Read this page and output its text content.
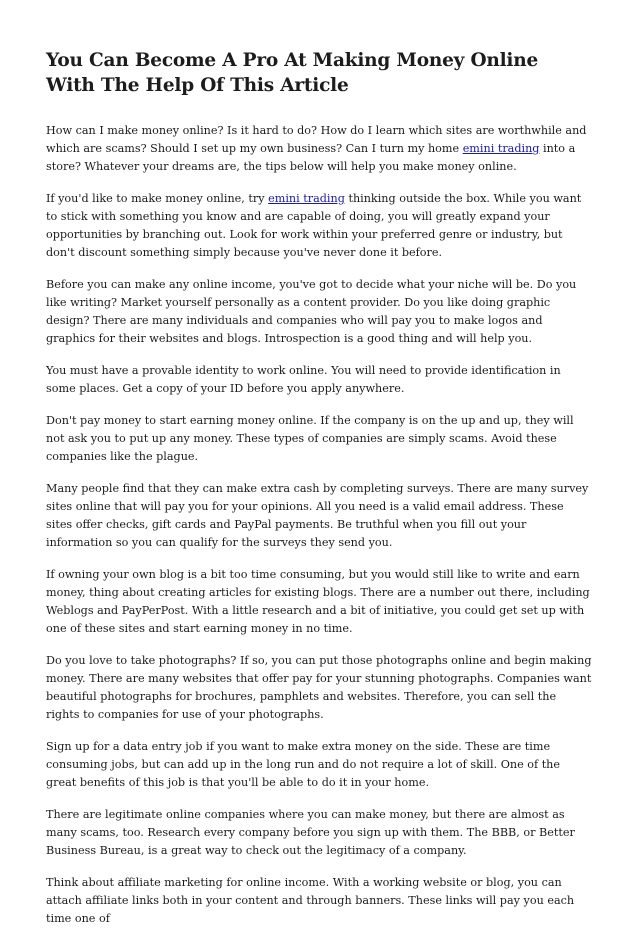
You Can Become A Pro At Making Money Online With The Help Of This Article

How can I make money online? Is it hard to do? How do I learn which sites are worthwhile and which are scams? Should I set up my own business? Can I turn my home emini trading into a store? Whatever your dreams are, the tips below will help you make money online.

If you'd like to make money online, try emini trading thinking outside the box. While you want to stick with something you know and are capable of doing, you will greatly expand your opportunities by branching out. Look for work within your preferred genre or industry, but don't discount something simply because you've never done it before.

Before you can make any online income, you've got to decide what your niche will be. Do you like writing? Market yourself personally as a content provider. Do you like doing graphic design? There are many individuals and companies who will pay you to make logos and graphics for their websites and blogs. Introspection is a good thing and will help you.

You must have a provable identity to work online. You will need to provide identification in some places. Get a copy of your ID before you apply anywhere.

Don't pay money to start earning money online. If the company is on the up and up, they will not ask you to put up any money. These types of companies are simply scams. Avoid these companies like the plague.

Many people find that they can make extra cash by completing surveys. There are many survey sites online that will pay you for your opinions. All you need is a valid email address. These sites offer checks, gift cards and PayPal payments. Be truthful when you fill out your information so you can qualify for the surveys they send you.

If owning your own blog is a bit too time consuming, but you would still like to write and earn money, thing about creating articles for existing blogs. There are a number out there, including Weblogs and PayPerPost. With a little research and a bit of initiative, you could get set up with one of these sites and start earning money in no time.

Do you love to take photographs? If so, you can put those photographs online and begin making money. There are many websites that offer pay for your stunning photographs. Companies want beautiful photographs for brochures, pamphlets and websites. Therefore, you can sell the rights to companies for use of your photographs.

Sign up for a data entry job if you want to make extra money on the side. These are time consuming jobs, but can add up in the long run and do not require a lot of skill. One of the great benefits of this job is that you'll be able to do it in your home.

There are legitimate online companies where you can make money, but there are almost as many scams, too. Research every company before you sign up with them. The BBB, or Better Business Bureau, is a great way to check out the legitimacy of a company.

Think about affiliate marketing for online income. With a working website or blog, you can attach affiliate links both in your content and through banners. These links will pay you each time one of
